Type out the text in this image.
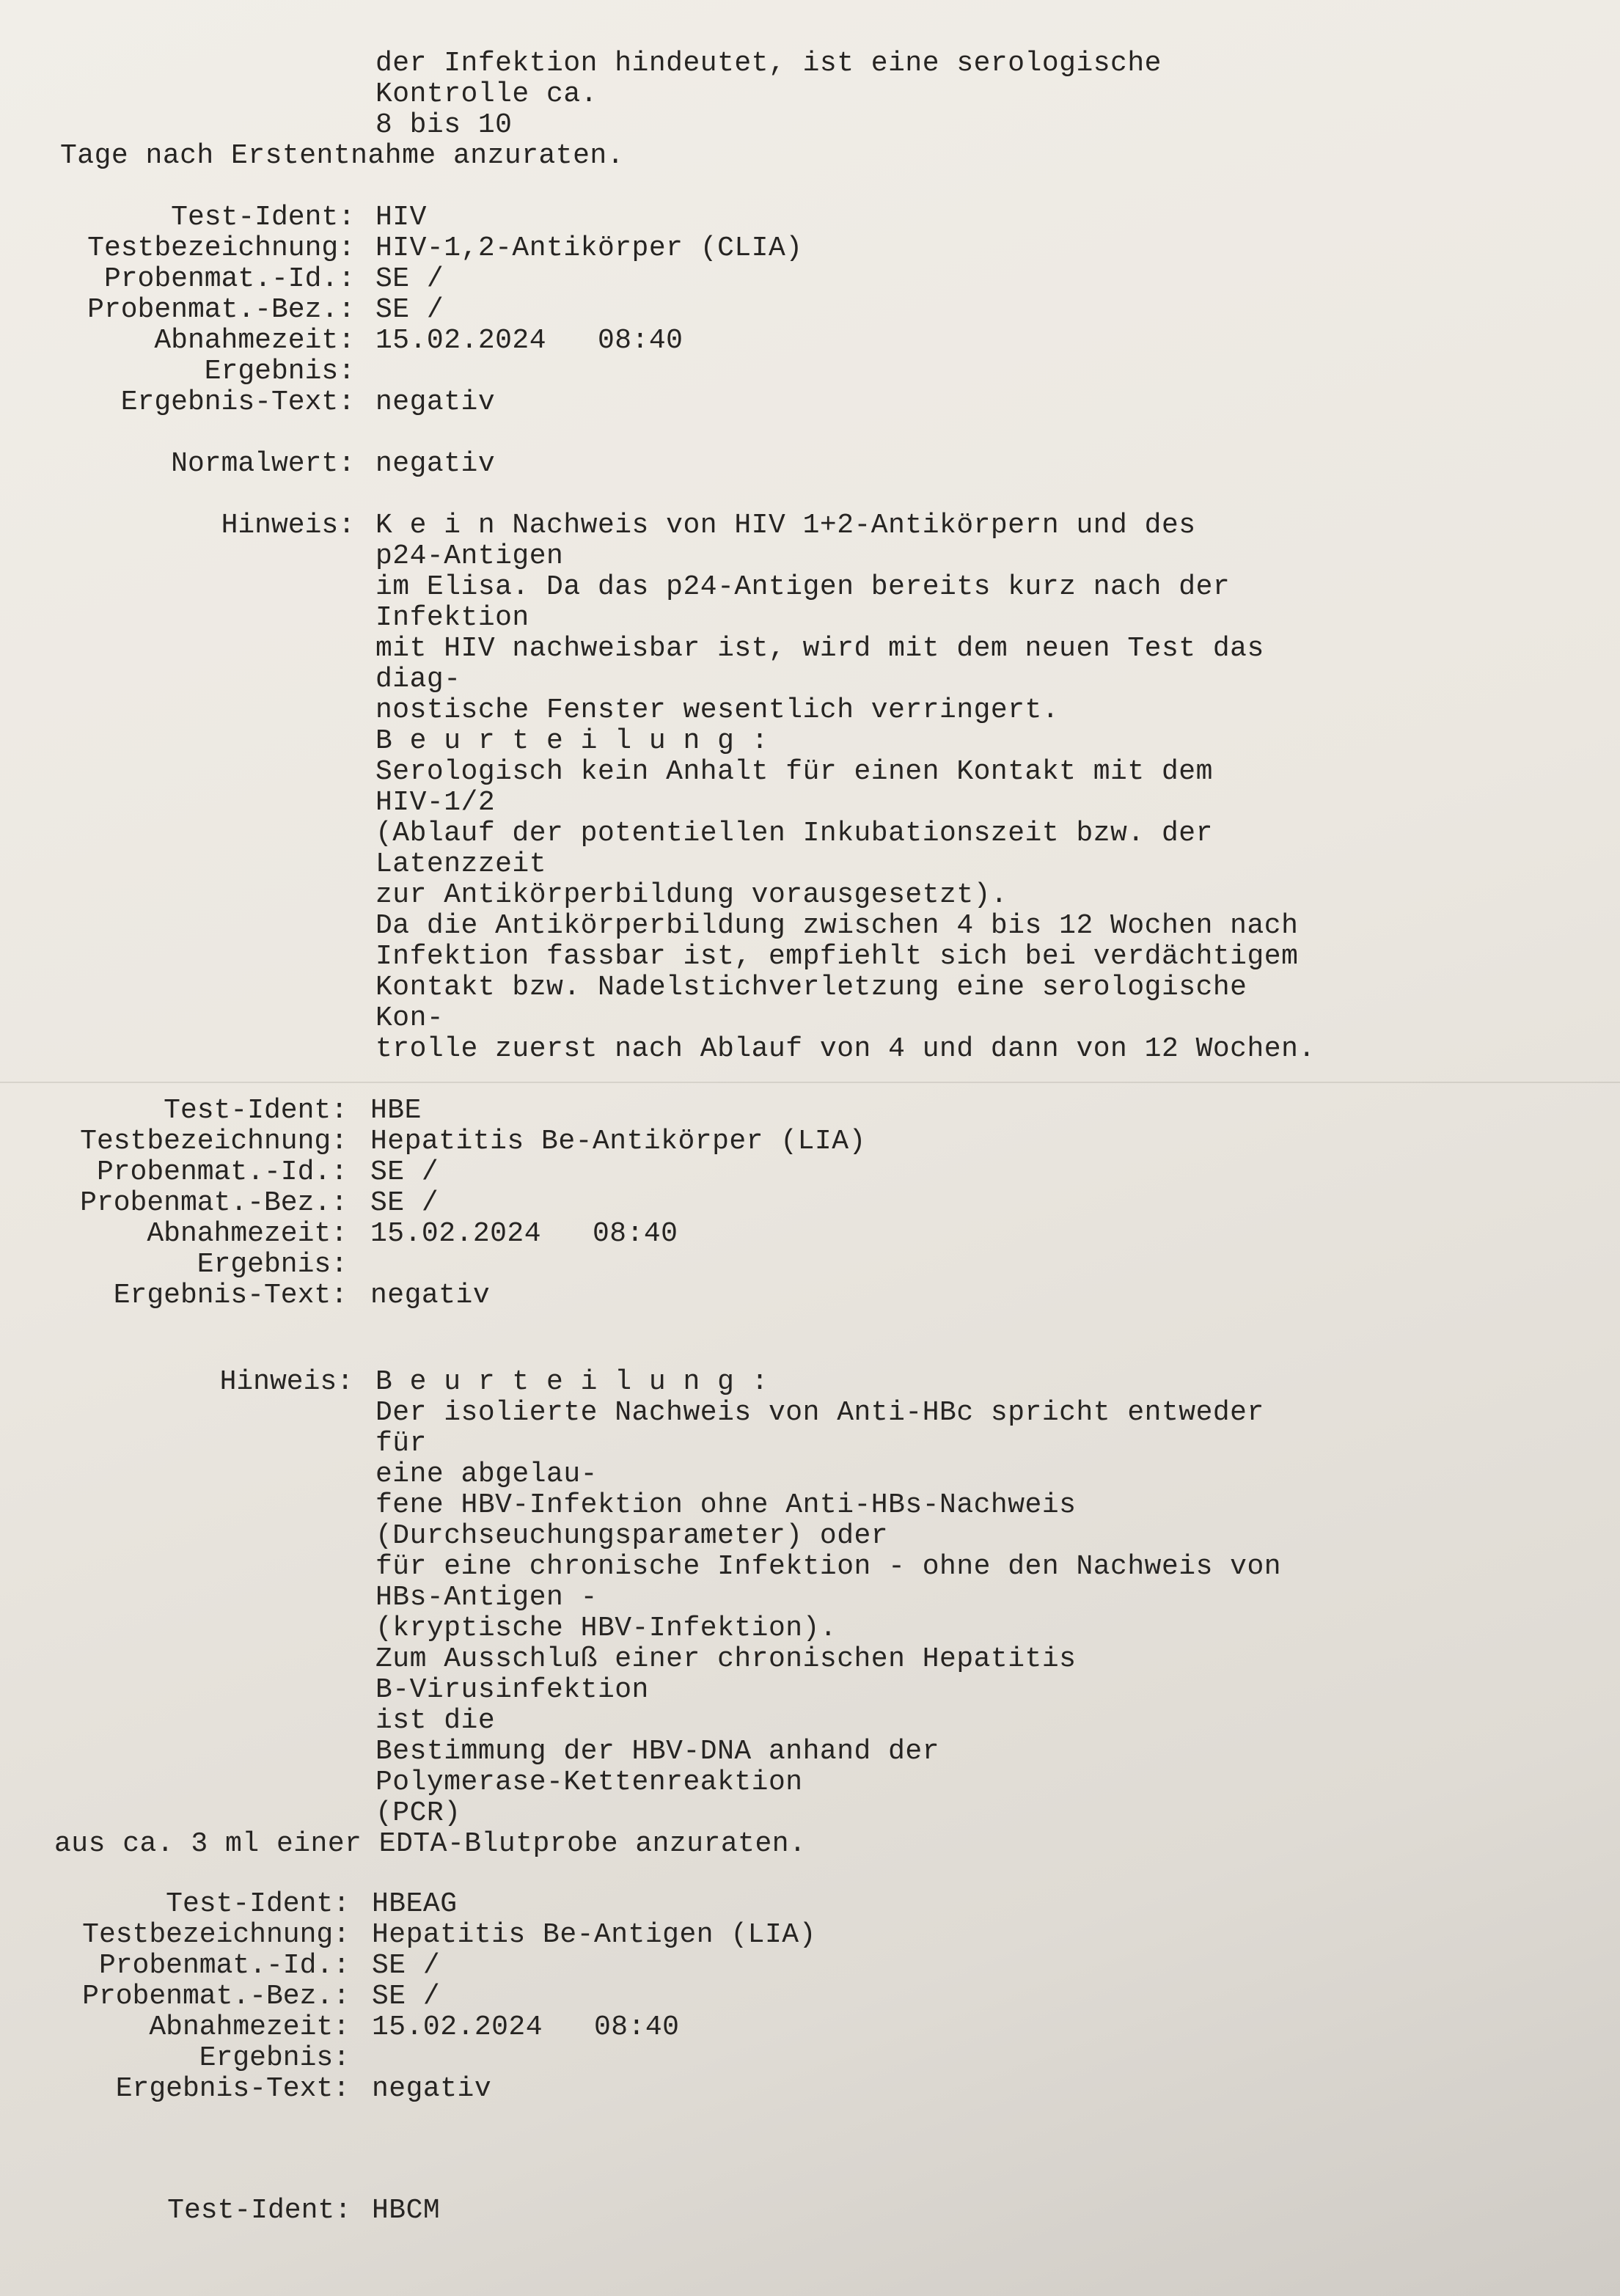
der Infektion hindeutet, ist eine serologische
Kontrolle ca.
8 bis 10
Tage nach Erstentnahme anzuraten.
Test-Ident: HIV
Testbezeichnung: HIV-1,2-Antikörper (CLIA)
Probenmat.-Id.: SE /
Probenmat.-Bez.: SE /
Abnahmezeit: 15.02.2024   08:40
Ergebnis:
Ergebnis-Text: negativ
Normalwert: negativ
Hinweis: K e i n Nachweis von HIV 1+2-Antikörpern und des
p24-Antigen
im Elisa. Da das p24-Antigen bereits kurz nach der
Infektion
mit HIV nachweisbar ist, wird mit dem neuen Test das
diag-
nostische Fenster wesentlich verringert.
B e u r t e i l u n g :
Serologisch kein Anhalt für einen Kontakt mit dem
HIV-1/2
(Ablauf der potentiellen Inkubationszeit bzw. der
Latenzzeit
zur Antikörperbildung vorausgesetzt).
Da die Antikörperbildung zwischen 4 bis 12 Wochen nach
Infektion fassbar ist, empfiehlt sich bei verdächtigem
Kontakt bzw. Nadelstichverletzung eine serologische
Kon-
trolle zuerst nach Ablauf von 4 und dann von 12 Wochen.
Test-Ident: HBE
Testbezeichnung: Hepatitis Be-Antikörper (LIA)
Probenmat.-Id.: SE /
Probenmat.-Bez.: SE /
Abnahmezeit: 15.02.2024   08:40
Ergebnis:
Ergebnis-Text: negativ
Hinweis: B e u r t e i l u n g :
Der isolierte Nachweis von Anti-HBc spricht entweder
für
eine abgelau-
fene HBV-Infektion ohne Anti-HBs-Nachweis
(Durchseuchungsparameter) oder
für eine chronische Infektion - ohne den Nachweis von
HBs-Antigen -
(kryptische HBV-Infektion).
Zum Ausschluß einer chronischen Hepatitis
B-Virusinfektion
ist die
Bestimmung der HBV-DNA anhand der
Polymerase-Kettenreaktion
(PCR)
aus ca. 3 ml einer EDTA-Blutprobe anzuraten.
Test-Ident: HBEAG
Testbezeichnung: Hepatitis Be-Antigen (LIA)
Probenmat.-Id.: SE /
Probenmat.-Bez.: SE /
Abnahmezeit: 15.02.2024   08:40
Ergebnis:
Ergebnis-Text: negativ
Test-Ident: HBCM
